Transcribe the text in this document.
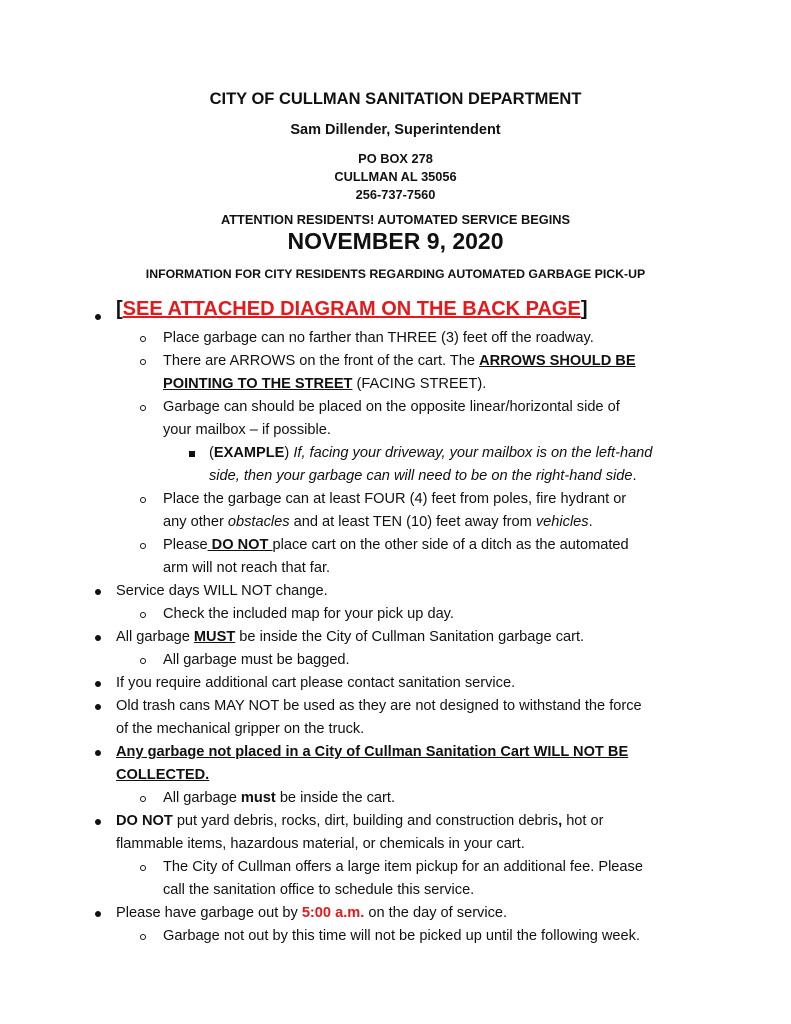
CITY OF CULLMAN SANITATION DEPARTMENT
Sam Dillender, Superintendent
PO BOX 278
CULLMAN AL 35056
256-737-7560
ATTENTION RESIDENTS! AUTOMATED SERVICE BEGINS
NOVEMBER 9, 2020
INFORMATION FOR CITY RESIDENTS REGARDING AUTOMATED GARBAGE PICK-UP
[SEE ATTACHED DIAGRAM ON THE BACK PAGE]
Place garbage can no farther than THREE (3) feet off the roadway.
There are ARROWS on the front of the cart. The ARROWS SHOULD BE
POINTING TO THE STREET (FACING STREET).
Garbage can should be placed on the opposite linear/horizontal side of
your mailbox – if possible.
(EXAMPLE) If, facing your driveway, your mailbox is on the left-hand
side, then your garbage can will need to be on the right-hand side.
Place the garbage can at least FOUR (4) feet from poles, fire hydrant or
any other obstacles and at least TEN (10) feet away from vehicles.
Please DO NOT place cart on the other side of a ditch as the automated
arm will not reach that far.
Service days WILL NOT change.
Check the included map for your pick up day.
All garbage MUST be inside the City of Cullman Sanitation garbage cart.
All garbage must be bagged.
If you require additional cart please contact sanitation service.
Old trash cans MAY NOT be used as they are not designed to withstand the force
of the mechanical gripper on the truck.
Any garbage not placed in a City of Cullman Sanitation Cart WILL NOT BE
COLLECTED.
All garbage must be inside the cart.
DO NOT put yard debris, rocks, dirt, building and construction debris, hot or
flammable items, hazardous material, or chemicals in your cart.
The City of Cullman offers a large item pickup for an additional fee. Please
call the sanitation office to schedule this service.
Please have garbage out by 5:00 a.m. on the day of service.
Garbage not out by this time will not be picked up until the following week.
